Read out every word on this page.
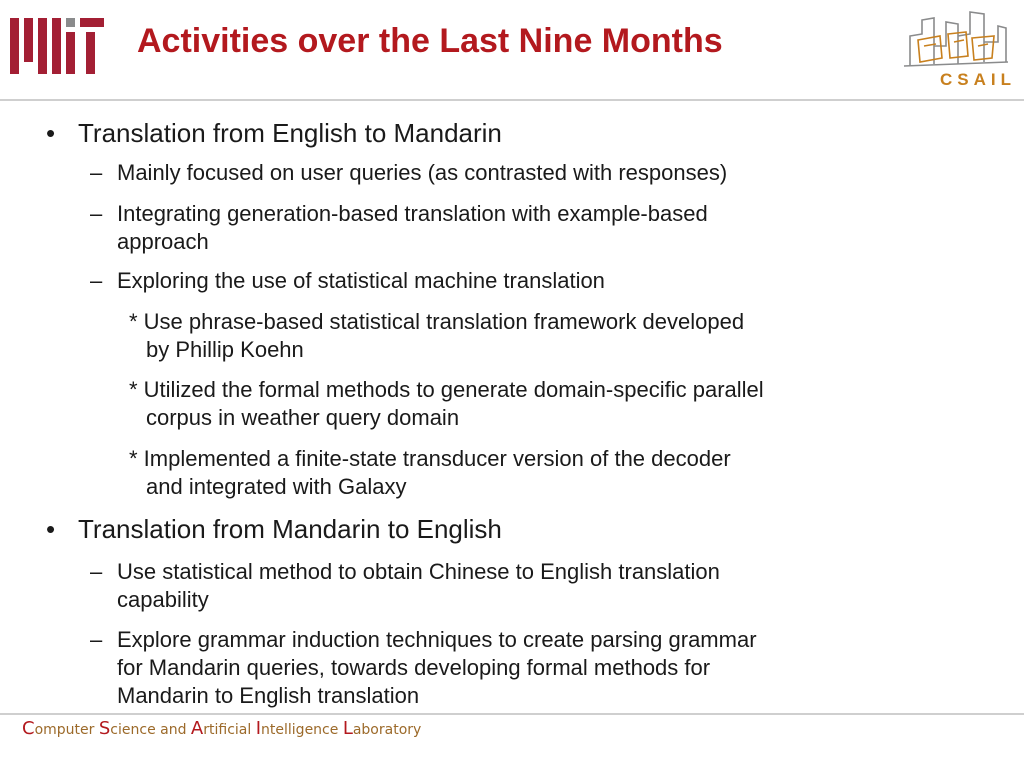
Activities over the Last Nine Months
CSAIL
• Translation from English to Mandarin
– Mainly focused on user queries (as contrasted with responses)
– Integrating generation-based translation with example-based
approach
– Exploring the use of statistical machine translation
* Use phrase-based statistical translation framework developed
by Phillip Koehn
* Utilized the formal methods to generate domain-specific parallel
corpus in weather query domain
* Implemented a finite-state transducer version of the decoder
and integrated with Galaxy
• Translation from Mandarin to English
– Use statistical method to obtain Chinese to English translation
capability
– Explore grammar induction techniques to create parsing grammar
for Mandarin queries, towards developing formal methods for
Mandarin to English translation
Computer Science and Artificial Intelligence Laboratory
